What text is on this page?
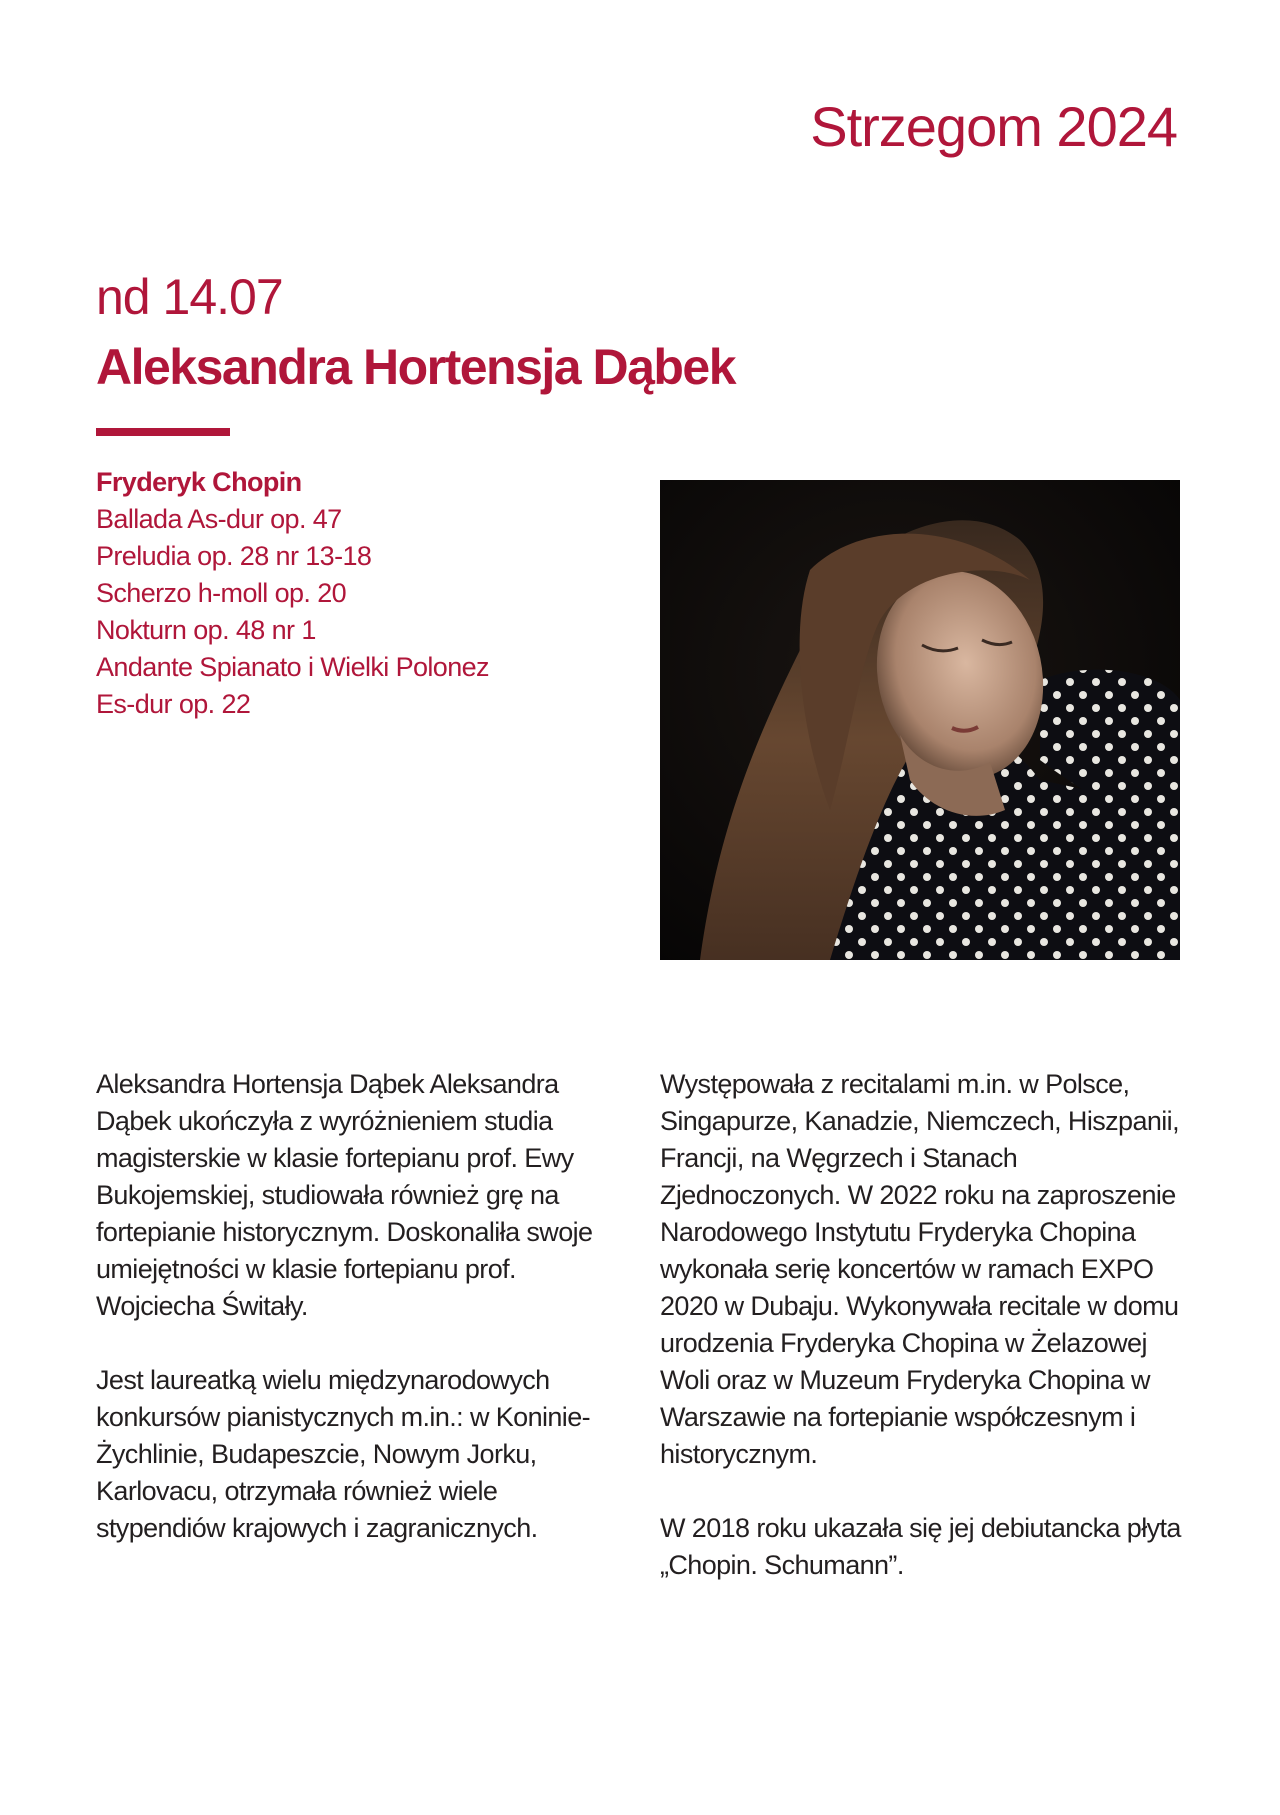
Strzegom 2024
nd 14.07
Aleksandra Hortensja Dąbek
Fryderyk Chopin
Ballada As-dur op. 47
Preludia op. 28 nr 13-18
Scherzo h-moll op. 20
Nokturn op. 48 nr 1
Andante Spianato i Wielki Polonez
Es-dur op. 22

Aleksandra Hortensja Dąbek Aleksandra Dąbek ukończyła z wyróżnieniem studia magisterskie w klasie fortepianu prof. Ewy Bukojemskiej, studiowała również grę na fortepianie historycznym. Doskonaliła swoje umiejętności w klasie fortepianu prof. Wojciecha Świtały.

Jest laureatką wielu międzynarodowych konkursów pianistycznych m.in.: w Koninie-Żychlinie, Budapeszcie, Nowym Jorku, Karlovacu, otrzymała również wiele stypendiów krajowych i zagranicznych.

Występowała z recitalami m.in. w Polsce, Singapurze, Kanadzie, Niemczech, Hiszpanii, Francji, na Węgrzech i Stanach Zjednoczonych. W 2022 roku na zaproszenie Narodowego Instytutu Fryderyka Chopina wykonała serię koncertów w ramach EXPO 2020 w Dubaju. Wykonywała recitale w domu urodzenia Fryderyka Chopina w Żelazowej Woli oraz w Muzeum Fryderyka Chopina w Warszawie na fortepianie współczesnym i historycznym.

W 2018 roku ukazała się jej debiutancka płyta „Chopin. Schumann”.
